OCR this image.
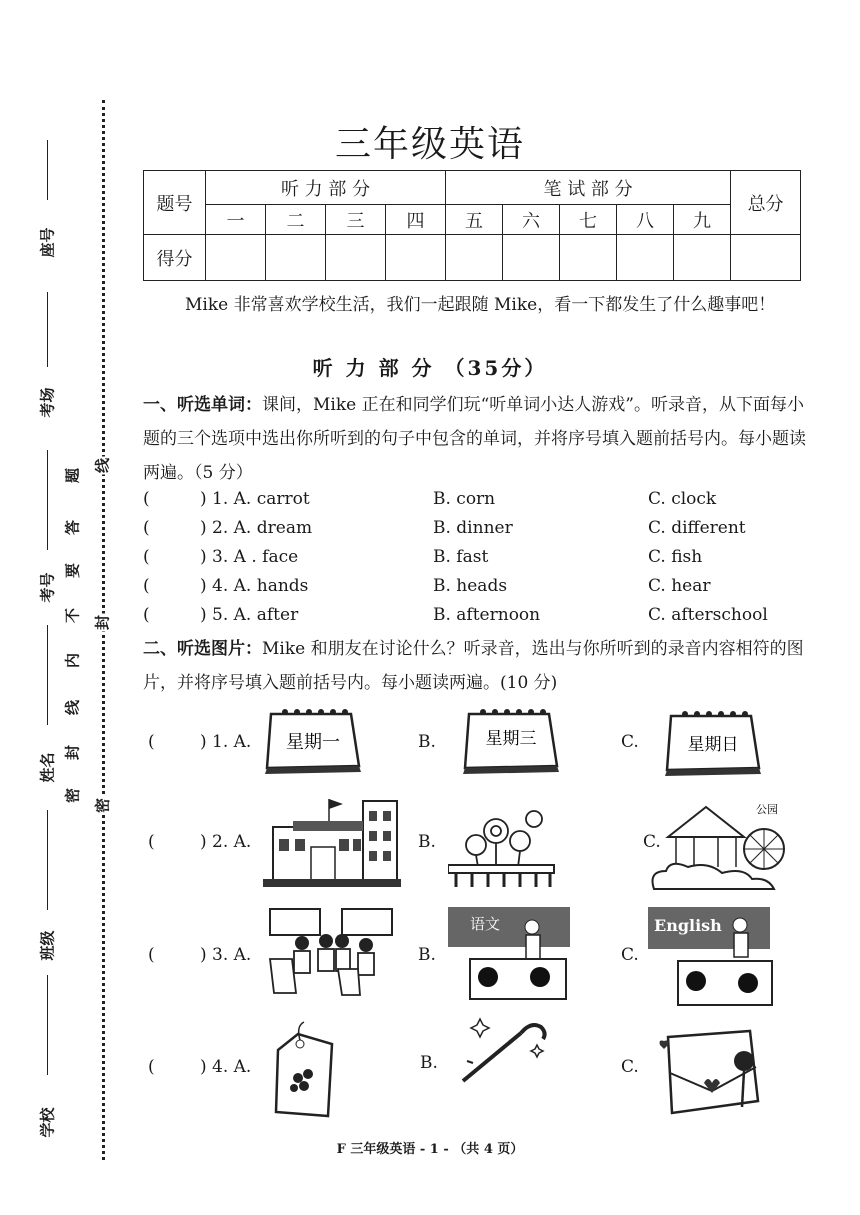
座号
考场
考号
姓名
班级
学校
题
答
要
不
内
线
封
密
线
封
密
三年级英语
题号	听 力 部 分				笔 试 部 分					总分
	一	二	三	四	五	六	七	八	九	
得分										
Mike 非常喜欢学校生活，我们一起跟随 Mike，看一下都发生了什么趣事吧！
听 力 部 分 （35分）
一、听选单词：课间，Mike 正在和同学们玩“听单词小达人游戏”。听录音，从下面每小题的三个选项中选出你所听到的句子中包含的单词，并将序号填入题前括号内。每小题读两遍。（5 分）
(	) 1. A. carrot	B. corn	C. clock
(	) 2. A. dream	B. dinner	C. different
(	) 3. A . face	B. fast	C. fish
(	) 4. A. hands	B. heads	C. hear
(	) 5. A. after	B. afternoon	C. afterschool
二、听选图片：Mike 和朋友在讨论什么？听录音，选出与你所听到的录音内容相符的图片，并将序号填入题前括号内。每小题读两遍。(10 分)
(	) 1. A.	B.	C.
星期一	星期三	星期日
(	) 2. A.	B.	C.
公园
(	) 3. A.	B.	C.
语文	English
(	) 4. A.	B.	C.
F 三年级英语 - 1 - （共 4 页）
